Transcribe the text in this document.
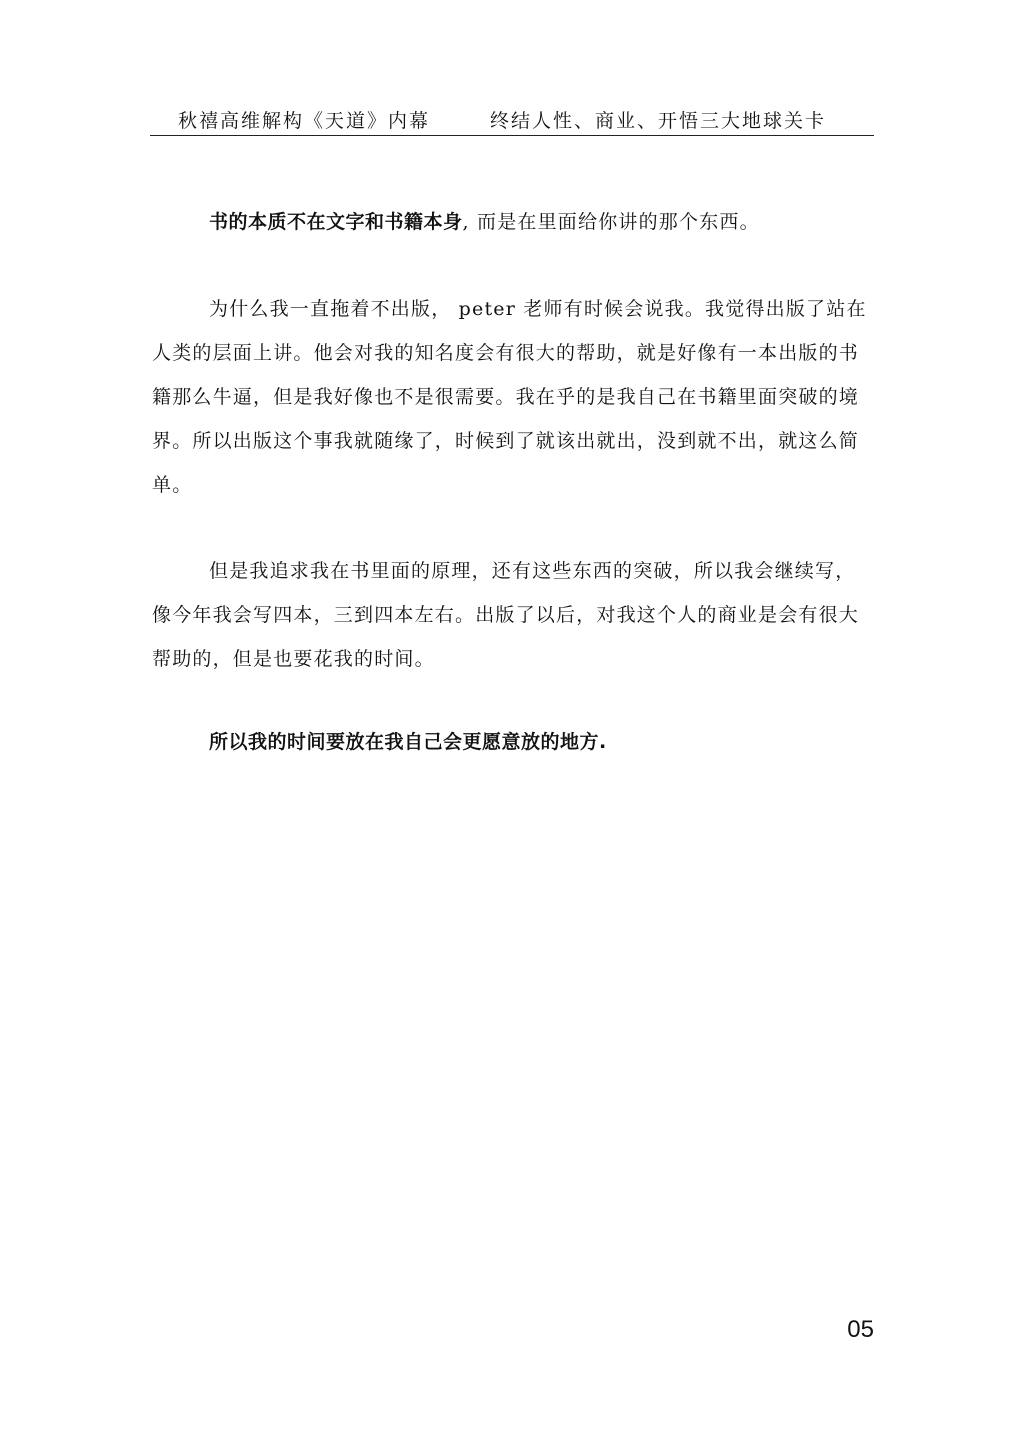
秋禧高维解构《天道》内幕	终结人性、商业、开悟三大地球关卡

书的本质不在文字和书籍本身, 而是在里面给你讲的那个东西。

为什么我一直拖着不出版， peter 老师有时候会说我。我觉得出版了站在人类的层面上讲。他会对我的知名度会有很大的帮助，就是好像有一本出版的书籍那么牛逼，但是我好像也不是很需要。我在乎的是我自己在书籍里面突破的境界。所以出版这个事我就随缘了，时候到了就该出就出，没到就不出，就这么简单。

但是我追求我在书里面的原理，还有这些东西的突破，所以我会继续写，像今年我会写四本，三到四本左右。出版了以后，对我这个人的商业是会有很大帮助的，但是也要花我的时间。

所以我的时间要放在我自己会更愿意放的地方.

05
